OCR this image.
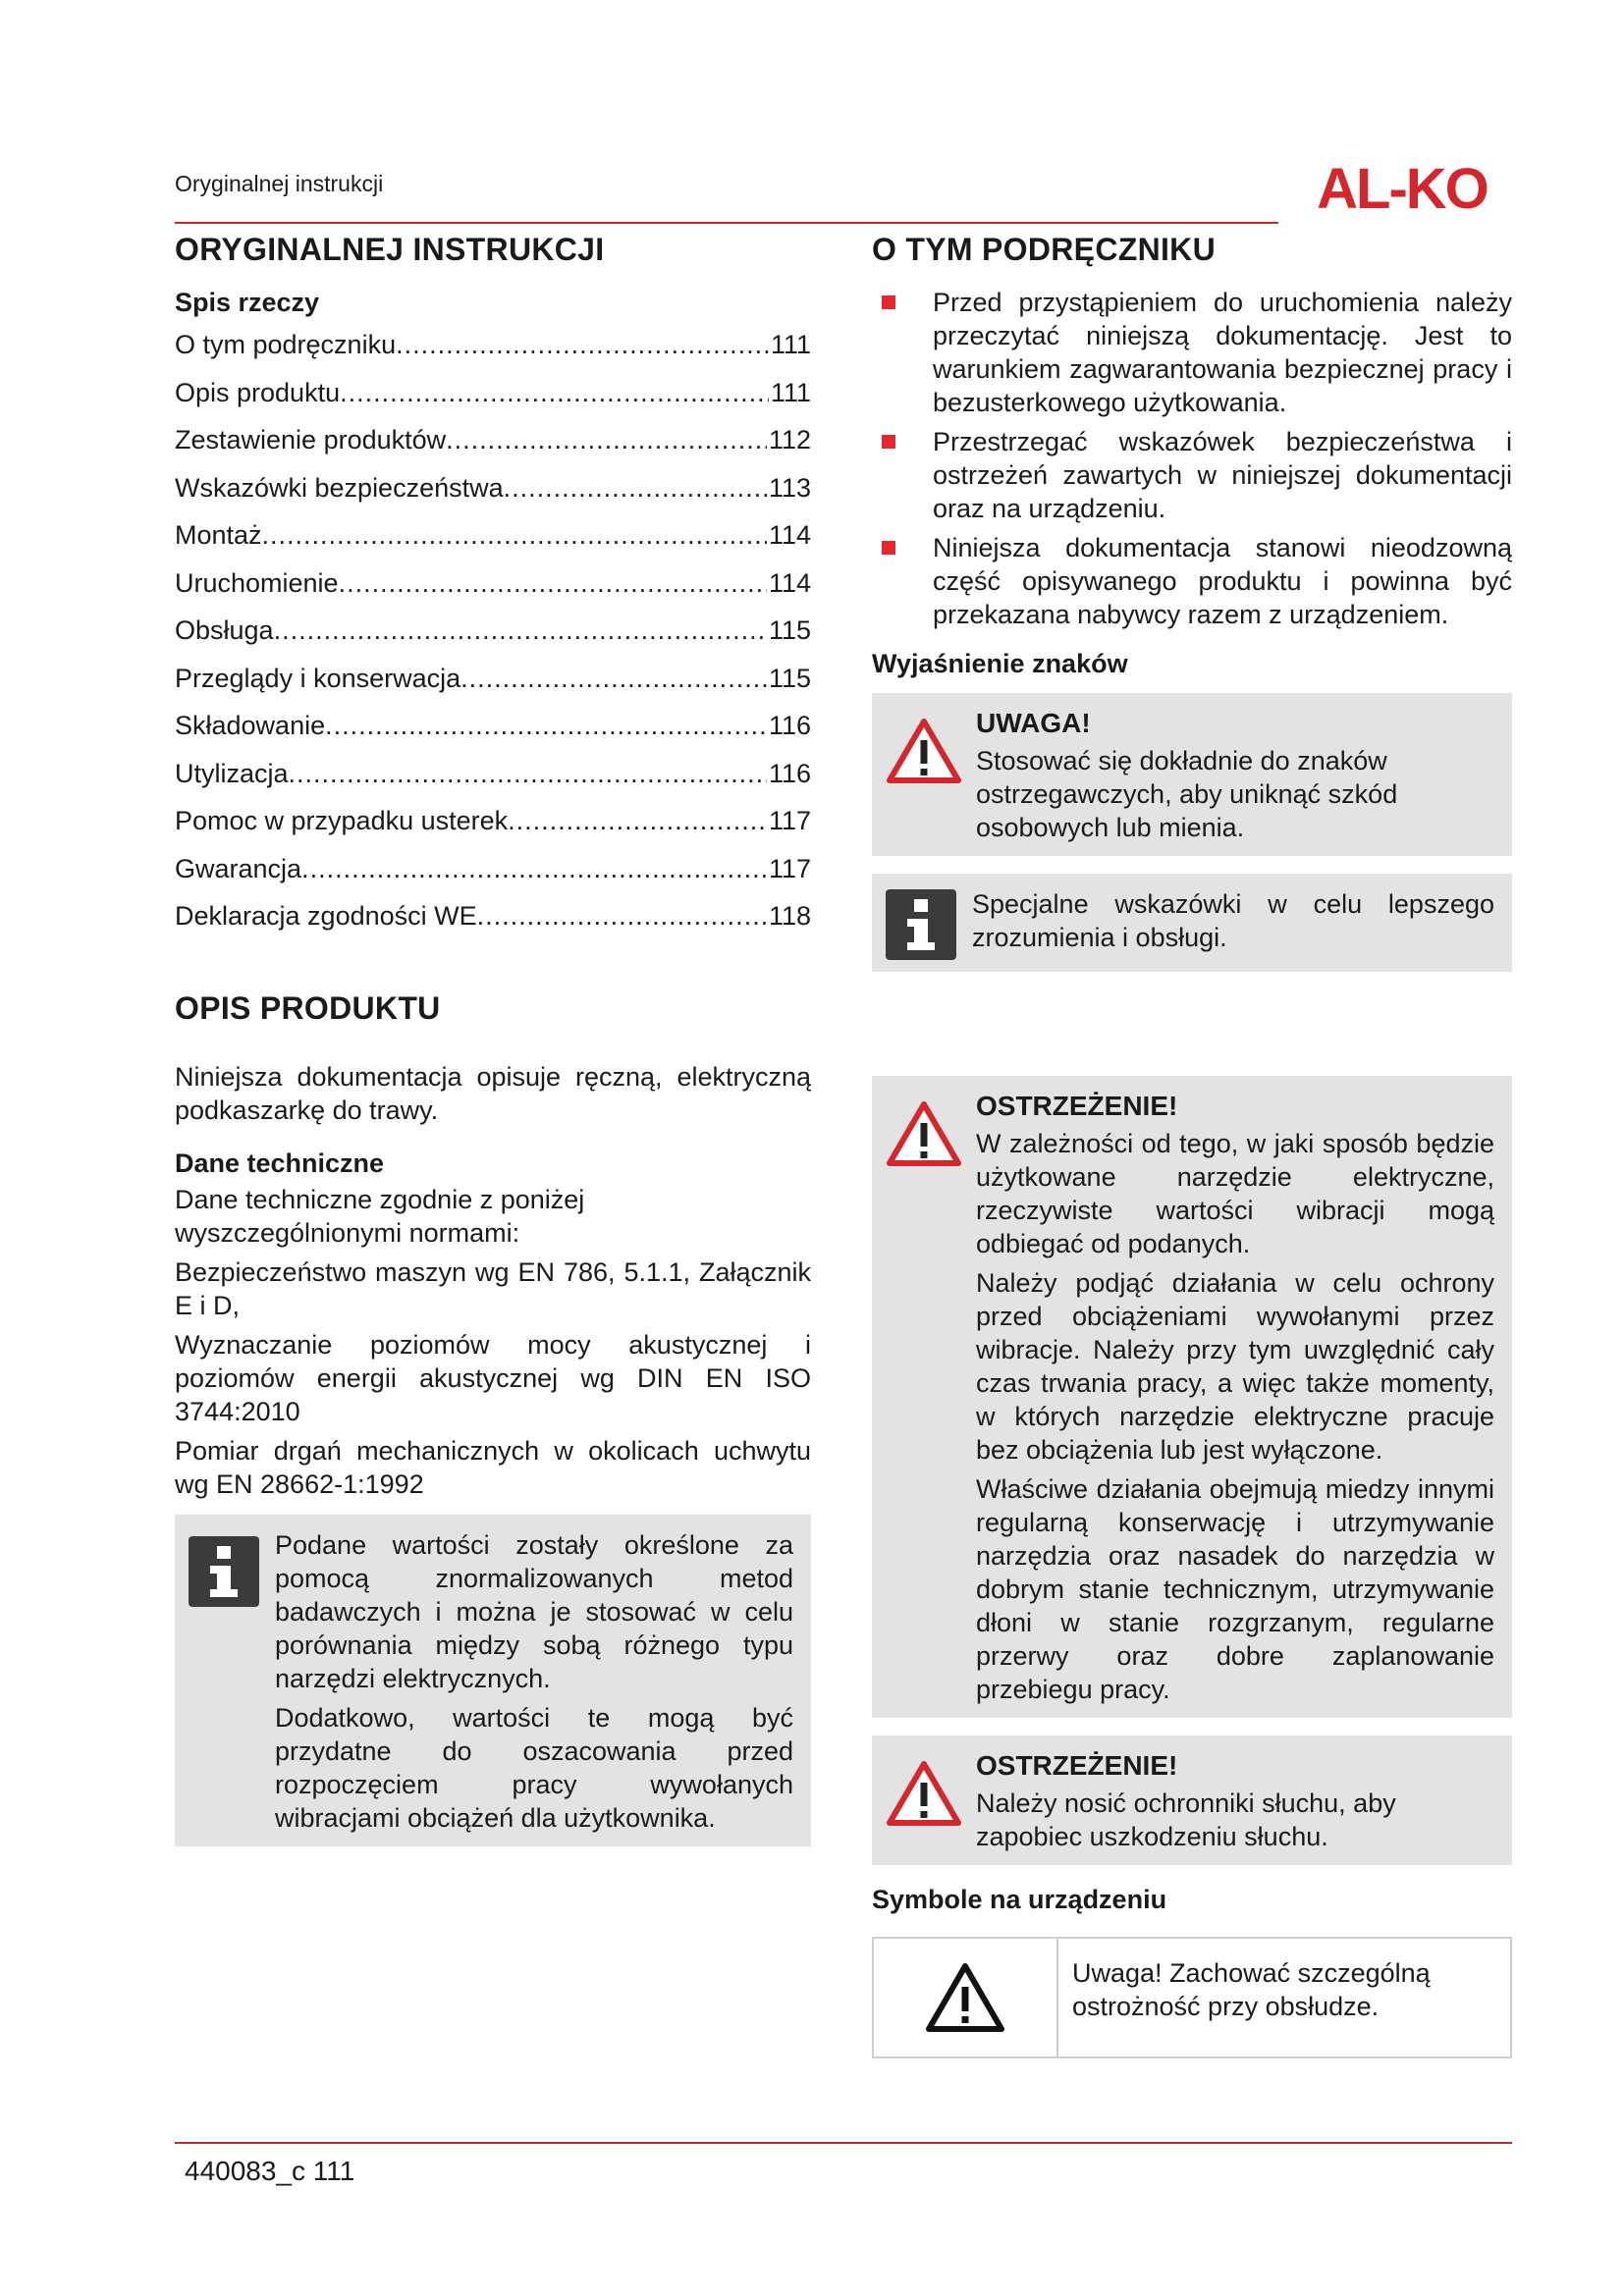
Oryginalnej instrukcji	AL-KO
ORYGINALNEJ INSTRUKCJI
Spis rzeczy
O tym podręczniku .....	111
Opis produktu .....	111
Zestawienie produktów .....	112
Wskazówki bezpieczeństwa .....	113
Montaż .....	114
Uruchomienie .....	114
Obsługa .....	115
Przeglądy i konserwacja .....	115
Składowanie .....	116
Utylizacja .....	116
Pomoc w przypadku usterek .....	117
Gwarancja .....	117
Deklaracja zgodności WE .....	118
OPIS PRODUKTU

Niniejsza dokumentacja opisuje ręczną, elektryczną podkaszarkę do trawy.

Dane techniczne

Dane techniczne zgodnie z poniżej wyszczególnionymi normami:

Bezpieczeństwo maszyn wg EN 786, 5.1.1, Załącznik E i D,

Wyznaczanie poziomów mocy akustycznej i poziomów energii akustycznej wg DIN EN ISO 3744:2010

Pomiar drgań mechanicznych w okolicach uchwytu wg EN 28662-1:1992

Podane wartości zostały określone za pomocą znormalizowanych metod badawczych i można je stosować w celu porównania między sobą różnego typu narzędzi elektrycznych.

Dodatkowo, wartości te mogą być przydatne do oszacowania przed rozpoczęciem pracy wywołanych wibracjami obciążeń dla użytkownika.

O TYM PODRĘCZNIKU
Przed przystąpieniem do uruchomienia należy przeczytać niniejszą dokumentację. Jest to warunkiem zagwarantowania bezpiecznej pracy i bezusterkowego użytkowania.
Przestrzegać wskazówek bezpieczeństwa i ostrzeżeń zawartych w niniejszej dokumentacji oraz na urządzeniu.
Niniejsza dokumentacja stanowi nieodzowną część opisywanego produktu i powinna być przekazana nabywcy razem z urządzeniem.
Wyjaśnienie znaków
UWAGA!

Stosować się dokładnie do znaków ostrzegawczych, aby uniknąć szkód osobowych lub mienia.

Specjalne wskazówki w celu lepszego zrozumienia i obsługi.

OSTRZEŻENIE!

W zależności od tego, w jaki sposób będzie użytkowane narzędzie elektryczne, rzeczywiste wartości wibracji mogą odbiegać od podanych.

Należy podjąć działania w celu ochrony przed obciążeniami wywołanymi przez wibracje. Należy przy tym uwzględnić cały czas trwania pracy, a więc także momenty, w których narzędzie elektryczne pracuje bez obciążenia lub jest wyłączone.

Właściwe działania obejmują miedzy innymi regularną konserwację i utrzymywanie narzędzia oraz nasadek do narzędzia w dobrym stanie technicznym, utrzymywanie dłoni w stanie rozgrzanym, regularne przerwy oraz dobre zaplanowanie przebiegu pracy.

OSTRZEŻENIE!

Należy nosić ochronniki słuchu, aby zapobiec uszkodzeniu słuchu.

Symbole na urządzeniu
Uwaga! Zachować szczególną ostrożność przy obsłudze.
440083_c 111
